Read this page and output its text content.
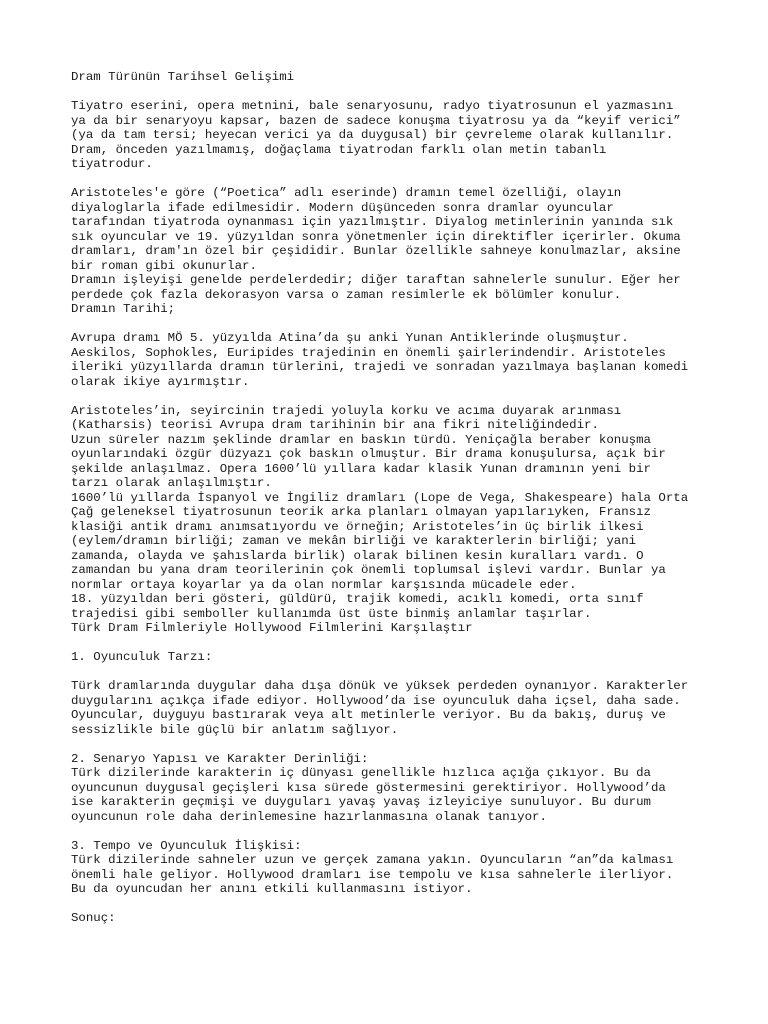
Dram Türünün Tarihsel Gelişimi
Tiyatro eserini, opera metnini, bale senaryosunu, radyo tiyatrosunun el yazmasını
ya da bir senaryoyu kapsar, bazen de sadece konuşma tiyatrosu ya da “keyif verici”
(ya da tam tersi; heyecan verici ya da duygusal) bir çevreleme olarak kullanılır.
Dram, önceden yazılmamış, doğaçlama tiyatrodan farklı olan metin tabanlı
tiyatrodur.
Aristoteles'e göre (“Poetica” adlı eserinde) dramın temel özelliği, olayın
diyaloglarla ifade edilmesidir. Modern düşünceden sonra dramlar oyuncular
tarafından tiyatroda oynanması için yazılmıştır. Diyalog metinlerinin yanında sık
sık oyuncular ve 19. yüzyıldan sonra yönetmenler için direktifler içerirler. Okuma
dramları, dram'ın özel bir çeşididir. Bunlar özellikle sahneye konulmazlar, aksine
bir roman gibi okunurlar.
Dramın işleyişi genelde perdelerdedir; diğer taraftan sahnelerle sunulur. Eğer her
perdede çok fazla dekorasyon varsa o zaman resimlerle ek bölümler konulur.
Dramın Tarihi;
Avrupa dramı MÖ 5. yüzyılda Atina’da şu anki Yunan Antiklerinde oluşmuştur.
Aeskilos, Sophokles, Euripides trajedinin en önemli şairlerindendir. Aristoteles
ileriki yüzyıllarda dramın türlerini, trajedi ve sonradan yazılmaya başlanan komedi
olarak ikiye ayırmıştır.
Aristoteles’in, seyircinin trajedi yoluyla korku ve acıma duyarak arınması
(Katharsis) teorisi Avrupa dram tarihinin bir ana fikri niteliğindedir.
Uzun süreler nazım şeklinde dramlar en baskın türdü. Yeniçağla beraber konuşma
oyunlarındaki özgür düzyazı çok baskın olmuştur. Bir drama konuşulursa, açık bir
şekilde anlaşılmaz. Opera 1600’lü yıllara kadar klasik Yunan dramının yeni bir
tarzı olarak anlaşılmıştır.
1600’lü yıllarda İspanyol ve İngiliz dramları (Lope de Vega, Shakespeare) hala Orta
Çağ geleneksel tiyatrosunun teorik arka planları olmayan yapılarıyken, Fransız
klasiği antik dramı anımsatıyordu ve örneğin; Aristoteles’in üç birlik ilkesi
(eylem/dramın birliği; zaman ve mekân birliği ve karakterlerin birliği; yani
zamanda, olayda ve şahıslarda birlik) olarak bilinen kesin kuralları vardı. O
zamandan bu yana dram teorilerinin çok önemli toplumsal işlevi vardır. Bunlar ya
normlar ortaya koyarlar ya da olan normlar karşısında mücadele eder.
18. yüzyıldan beri gösteri, güldürü, trajik komedi, acıklı komedi, orta sınıf
trajedisi gibi semboller kullanımda üst üste binmiş anlamlar taşırlar.
Türk Dram Filmleriyle Hollywood Filmlerini Karşılaştır
1. Oyunculuk Tarzı:
Türk dramlarında duygular daha dışa dönük ve yüksek perdeden oynanıyor. Karakterler
duygularını açıkça ifade ediyor. Hollywood’da ise oyunculuk daha içsel, daha sade.
Oyuncular, duyguyu bastırarak veya alt metinlerle veriyor. Bu da bakış, duruş ve
sessizlikle bile güçlü bir anlatım sağlıyor.
2. Senaryo Yapısı ve Karakter Derinliği:
Türk dizilerinde karakterin iç dünyası genellikle hızlıca açığa çıkıyor. Bu da
oyuncunun duygusal geçişleri kısa sürede göstermesini gerektiriyor. Hollywood’da
ise karakterin geçmişi ve duyguları yavaş yavaş izleyiciye sunuluyor. Bu durum
oyuncunun role daha derinlemesine hazırlanmasına olanak tanıyor.
3. Tempo ve Oyunculuk İlişkisi:
Türk dizilerinde sahneler uzun ve gerçek zamana yakın. Oyuncuların “an”da kalması
önemli hale geliyor. Hollywood dramları ise tempolu ve kısa sahnelerle ilerliyor.
Bu da oyuncudan her anını etkili kullanmasını istiyor.
Sonuç:
